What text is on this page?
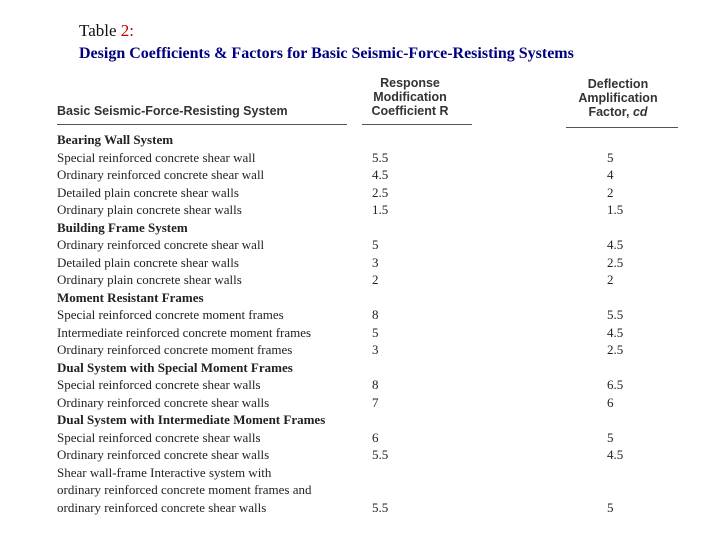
Table 2:
Design Coefficients & Factors for Basic Seismic-Force-Resisting Systems
Basic Seismic-Force-Resisting System
Response
Modification
Coefficient R
Deflection
Amplification
Factor, cd
Bearing Wall System
Special reinforced concrete shear wall	5.5	5
Ordinary reinforced concrete shear wall	4.5	4
Detailed plain concrete shear walls	2.5	2
Ordinary plain concrete shear walls	1.5	1.5
Building Frame System
Ordinary reinforced concrete shear wall	5	4.5
Detailed plain concrete shear walls	3	2.5
Ordinary plain concrete shear walls	2	2
Moment Resistant Frames
Special reinforced concrete moment frames	8	5.5
Intermediate reinforced concrete moment frames	5	4.5
Ordinary reinforced concrete moment frames	3	2.5
Dual System with Special Moment Frames
Special reinforced concrete shear walls	8	6.5
Ordinary reinforced concrete shear walls	7	6
Dual System with Intermediate Moment Frames
Special reinforced concrete shear walls	6	5
Ordinary reinforced concrete shear walls	5.5	4.5
Shear wall-frame Interactive system with
ordinary reinforced concrete moment frames and
ordinary reinforced concrete shear walls	5.5	5
